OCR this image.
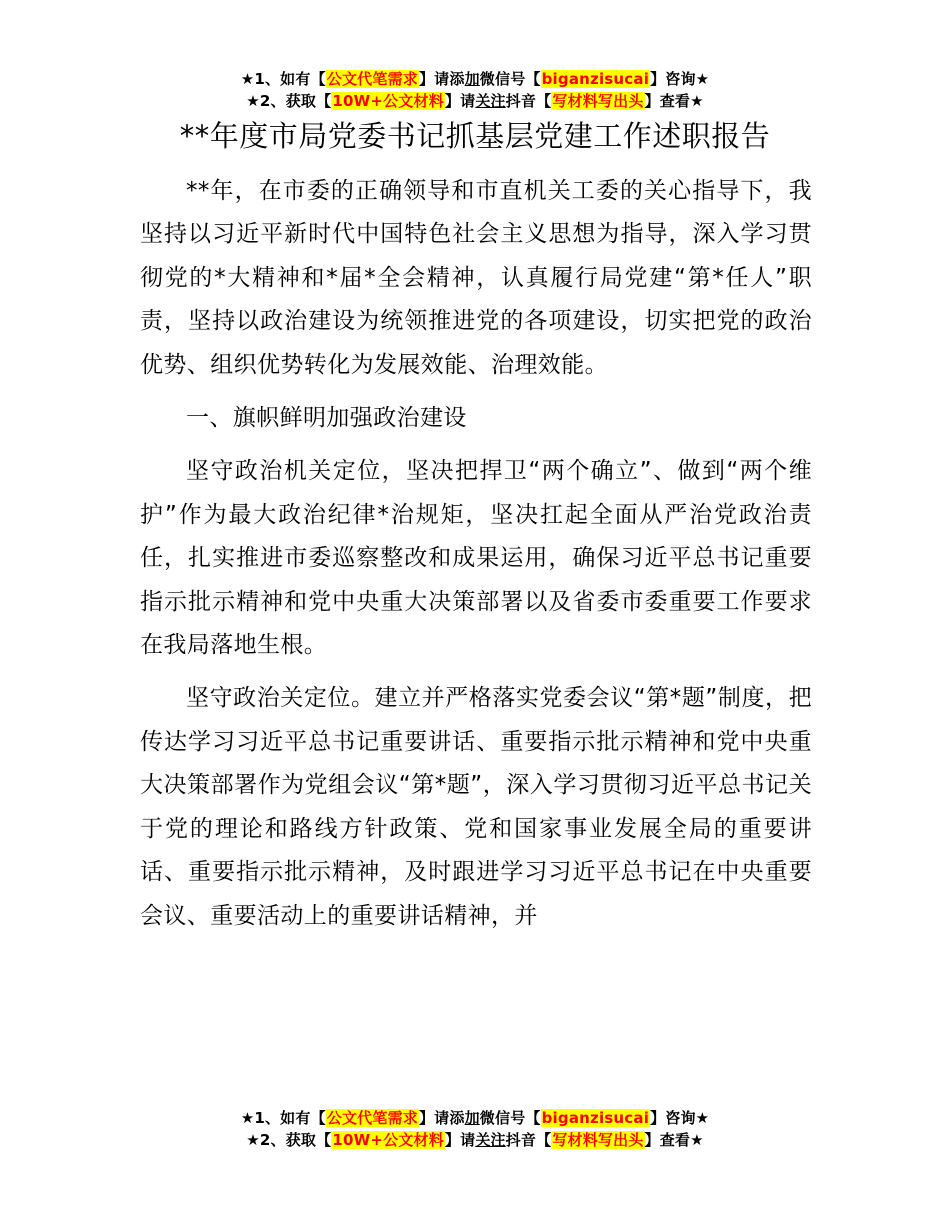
★1、如有【公文代笔需求】请添加微信号【biganzisucai】咨询★
★2、获取【10W+公文材料】请关注抖音【写材料写出头】查看★
**年度市局党委书记抓基层党建工作述职报告

**年，在市委的正确领导和市直机关工委的关心指导下，我坚持以习近平新时代中国特色社会主义思想为指导，深入学习贯彻党的*大精神和*届*全会精神，认真履行局党建“第*任人”职责，坚持以政治建设为统领推进党的各项建设，切实把党的政治优势、组织优势转化为发展效能、治理效能。

一、旗帜鲜明加强政治建设

坚守政治机关定位，坚决把捍卫“两个确立”、做到“两个维护”作为最大政治纪律*治规矩，坚决扛起全面从严治党政治责任，扎实推进市委巡察整改和成果运用，确保习近平总书记重要指示批示精神和党中央重大决策部署以及省委市委重要工作要求在我局落地生根。

坚守政治关定位。建立并严格落实党委会议“第*题”制度，把传达学习习近平总书记重要讲话、重要指示批示精神和党中央重大决策部署作为党组会议“第*题”，深入学习贯彻习近平总书记关于党的理论和路线方针政策、党和国家事业发展全局的重要讲话、重要指示批示精神，及时跟进学习习近平总书记在中央重要会议、重要活动上的重要讲话精神，并

★1、如有【公文代笔需求】请添加微信号【biganzisucai】咨询★
★2、获取【10W+公文材料】请关注抖音【写材料写出头】查看★
